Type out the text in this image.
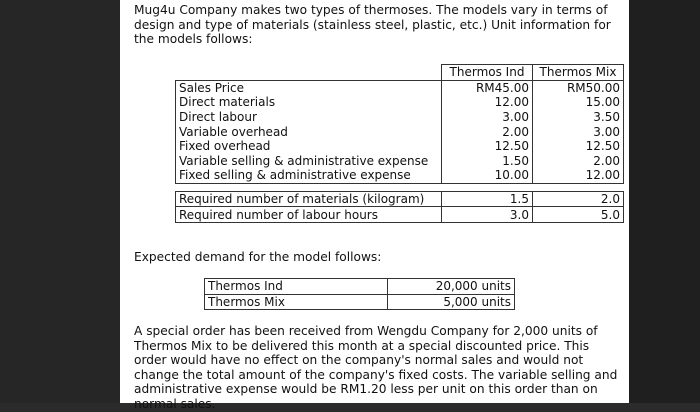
Mug4u Company makes two types of thermoses. The models vary in terms of design and type of materials (stainless steel, plastic, etc.) Unit information for the models follows:
	Thermos Ind	Thermos Mix
Sales Price	RM45.00	RM50.00
Direct materials	12.00	15.00
Direct labour	3.00	3.50
Variable overhead	2.00	3.00
Fixed overhead	12.50	12.50
Variable selling & administrative expense	1.50	2.00
Fixed selling & administrative expense	10.00	12.00

Required number of materials (kilogram)	1.5	2.0
Required number of labour hours	3.0	5.0
Expected demand for the model follows:
Thermos Ind	20,000 units
Thermos Mix	5,000 units
A special order has been received from Wengdu Company for 2,000 units of Thermos Mix to be delivered this month at a special discounted price. This order would have no effect on the company's normal sales and would not change the total amount of the company's fixed costs. The variable selling and administrative expense would be RM1.20 less per unit on this order than on normal sales.
